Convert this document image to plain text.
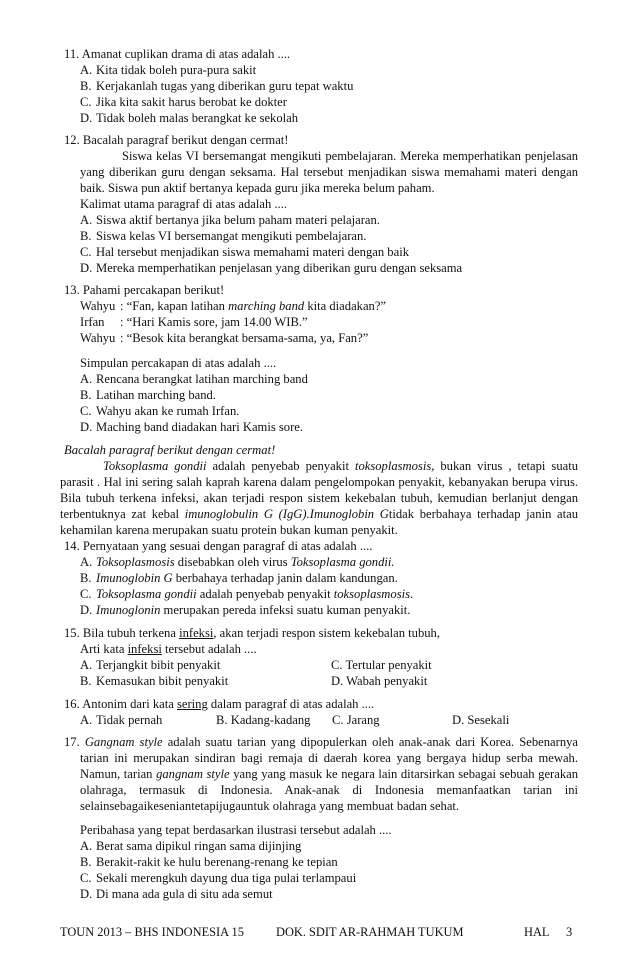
11. Amanat cuplikan drama di atas adalah ....
A. Kita tidak boleh pura-pura sakit
B. Kerjakanlah tugas yang diberikan guru tepat waktu
C. Jika kita sakit harus berobat ke dokter
D. Tidak boleh malas berangkat ke sekolah
12. Bacalah paragraf berikut dengan cermat!
Siswa kelas VI bersemangat mengikuti pembelajaran. Mereka memperhatikan penjelasan
yang diberikan guru dengan seksama. Hal tersebut menjadikan siswa memahami materi dengan
baik. Siswa pun aktif bertanya kepada guru jika mereka belum paham.
Kalimat utama paragraf di atas adalah ....
A. Siswa aktif bertanya jika belum paham materi pelajaran.
B. Siswa kelas VI bersemangat mengikuti pembelajaran.
C. Hal tersebut menjadikan siswa memahami materi dengan baik
D. Mereka memperhatikan penjelasan yang diberikan guru dengan seksama
13. Pahami percakapan berikut!
Wahyu : “Fan, kapan latihan marching band kita diadakan?”
Irfan : “Hari Kamis sore, jam 14.00 WIB.”
Wahyu : “Besok kita berangkat bersama-sama, ya, Fan?”
Simpulan percakapan di atas adalah ....
A. Rencana berangkat latihan marching band
B. Latihan marching band.
C. Wahyu akan ke rumah Irfan.
D. Maching band diadakan hari Kamis sore.
Bacalah paragraf berikut dengan cermat!
Toksoplasma gondii adalah penyebab penyakit toksoplasmosis, bukan virus , tetapi suatu
parasit . Hal ini sering salah kaprah karena dalam pengelompokan penyakit, kebanyakan berupa virus.
Bila tubuh terkena infeksi, akan terjadi respon sistem kekebalan tubuh, kemudian berlanjut dengan
terbentuknya zat kebal imunoglobulin G (IgG).Imunoglobin Gtidak berbahaya terhadap janin atau
kehamilan karena merupakan suatu protein bukan kuman penyakit.
14. Pernyataan yang sesuai dengan paragraf di atas adalah ....
A. Toksoplasmosis disebabkan oleh virus Toksoplasma gondii.
B. Imunoglobin G berbahaya terhadap janin dalam kandungan.
C. Toksoplasma gondii adalah penyebab penyakit toksoplasmosis.
D. Imunoglonin merupakan pereda infeksi suatu kuman penyakit.
15. Bila tubuh terkena infeksi, akan terjadi respon sistem kekebalan tubuh,
Arti kata infeksi tersebut adalah ....
A. Terjangkit bibit penyakit	C. Tertular penyakit
B. Kemasukan bibit penyakit	D. Wabah penyakit
16. Antonim dari kata sering dalam paragraf di atas adalah ....
A. Tidak pernah	B. Kadang-kadang C. Jarang	D. Sesekali
17. Gangnam style adalah suatu tarian yang dipopulerkan oleh anak-anak dari Korea. Sebenarnya
tarian ini merupakan sindiran bagi remaja di daerah korea yang bergaya hidup serba mewah.
Namun, tarian gangnam style yang yang masuk ke negara lain ditarsirkan sebagai sebuah gerakan
olahraga, termasuk di Indonesia. Anak-anak di Indonesia memanfaatkan tarian ini
selainsebagaikeseniantetapijugauntuk olahraga yang membuat badan sehat.
Peribahasa yang tepat berdasarkan ilustrasi tersebut adalah ....
A. Berat sama dipikul ringan sama dijinjing
B. Berakit-rakit ke hulu berenang-renang ke tepian
C. Sekali merengkuh dayung dua tiga pulai terlampaui
D. Di mana ada gula di situ ada semut
TOUN 2013 – BHS INDONESIA 15	DOK. SDIT AR-RAHMAH TUKUM	HAL 3
